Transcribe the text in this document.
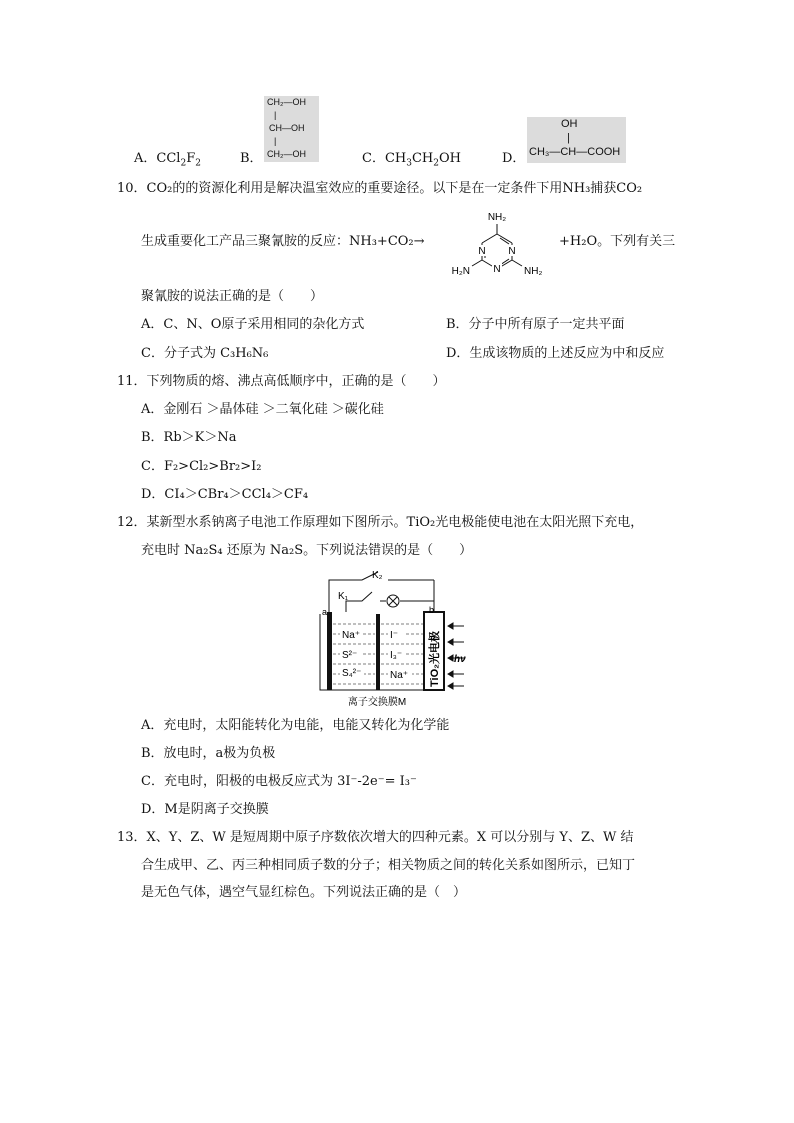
A．$CCl_2F_2$	B．
CH₂—OH
|
CH—OH
|
CH₂—OH	C．$CH_3CH_2OH$	D．
OH
|
CH₃—CH—COOH
10．CO₂的的资源化利用是解决温室效应的重要途径。以下是在一定条件下用NH₃捕获CO₂
生成重要化工产品三聚氰胺的反应：NH₃+CO₂→
N
N
N
NH₂
H₂N	NH₂
+H₂O。下列有关三
聚氰胺的说法正确的是（　　）
A．C、N、O原子采用相同的杂化方式	B．分子中所有原子一定共平面
C．分子式为 C₃H₆N₆	D．生成该物质的上述反应为中和反应
11．下列物质的熔、沸点高低顺序中，正确的是（　　）
A．金刚石 ＞晶体硅 ＞二氧化硅 ＞碳化硅
B．Rb＞K＞Na
C．F₂>Cl₂>Br₂>I₂
D．CI₄＞CBr₄＞CCl₄＞CF₄
12．某新型水系钠离子电池工作原理如下图所示。TiO₂光电极能使电池在太阳光照下充电，
充电时 Na₂S₄ 还原为 Na₂S。下列说法错误的是（　　）
K₂
K₁
a	b
Na⁺
S²⁻
S₄²⁻
I⁻
I₃⁻
Na⁺ TiO₂光电极 hν
离子交换膜M
A．充电时，太阳能转化为电能，电能又转化为化学能
B．放电时，a极为负极
C．充电时，阳极的电极反应式为 3I⁻-2e⁻= I₃⁻
D．M是阴离子交换膜
13．X、Y、Z、W 是短周期中原子序数依次增大的四种元素。X 可以分别与 Y、Z、W 结
合生成甲、乙、丙三种相同质子数的分子；相关物质之间的转化关系如图所示，已知丁
是无色气体，遇空气显红棕色。下列说法正确的是（　）
